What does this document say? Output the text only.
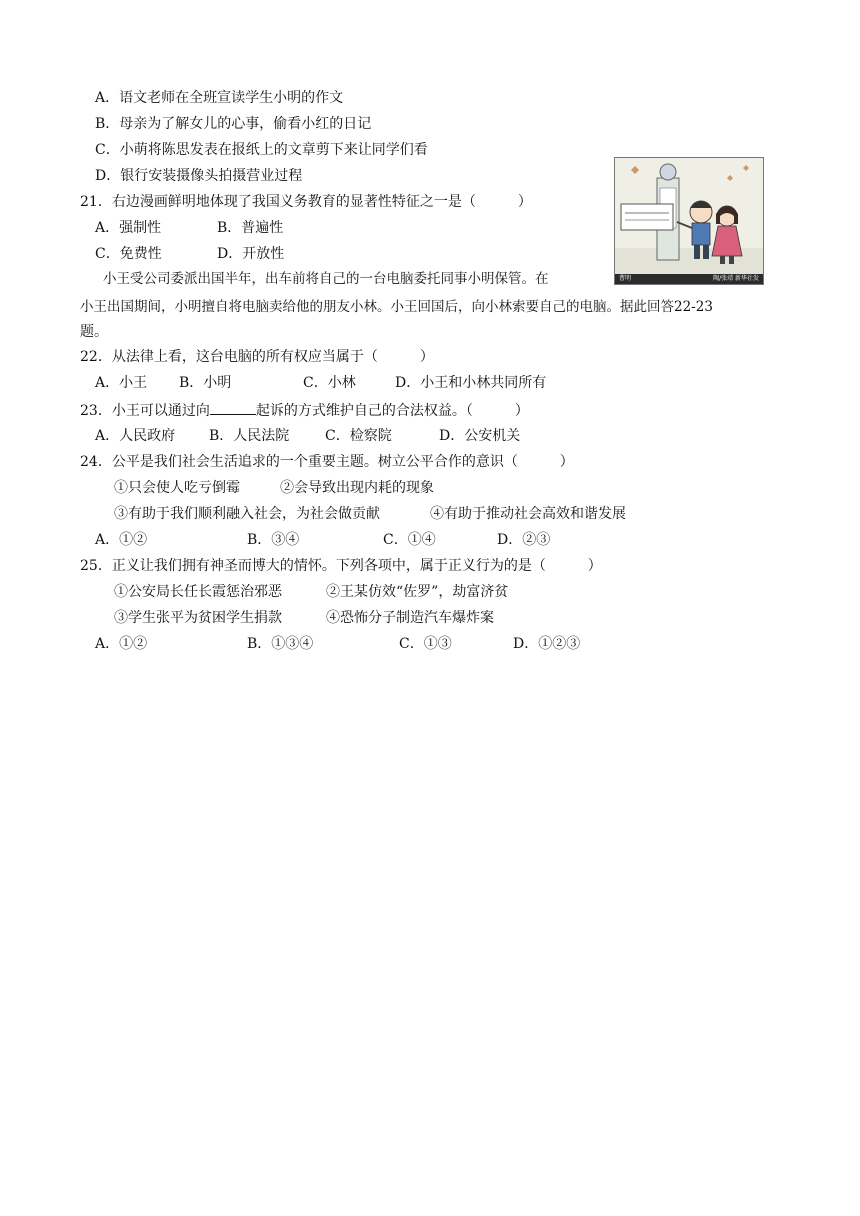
A．语文老师在全班宣读学生小明的作文
B．母亲为了解女儿的心事，偷看小红的日记
C．小萌将陈思发表在报纸上的文章剪下来让同学们看
D．银行安装摄像头拍摄营业过程
21．右边漫画鲜明地体现了我国义务教育的显著性特征之一是（　　　）
A．强制性	B．普遍性
C．免费性	D．开放性
曹明	陶/张靖 新华社发
小王受公司委派出国半年，出车前将自己的一台电脑委托同事小明保管。在
小王出国期间，小明擅自将电脑卖给他的朋友小林。小王回国后，向小林索要自己的电脑。据此回答22-23
题。
22．从法律上看，这台电脑的所有权应当属于（　　　）
A．小王 B．小明	C．小林	D．小王和小林共同所有
23．小王可以通过向	起诉的方式维护自己的合法权益。（　　　）
A．人民政府 B．人民法院	C．检察院	D．公安机关
24．公平是我们社会生活追求的一个重要主题。树立公平合作的意识（　　　）
①只会使人吃亏倒霉	②会导致出现内耗的现象
③有助于我们顺利融入社会，为社会做贡献	④有助于推动社会高效和谐发展
A．①②	B．③④	C．①④	D．②③
25．正义让我们拥有神圣而博大的情怀。下列各项中，属于正义行为的是（　　　）
①公安局长任长霞惩治邪恶	②王某仿效“佐罗”，劫富济贫
③学生张平为贫困学生捐款	④恐怖分子制造汽车爆炸案
A．①②	B．①③④	C．①③	D．①②③
